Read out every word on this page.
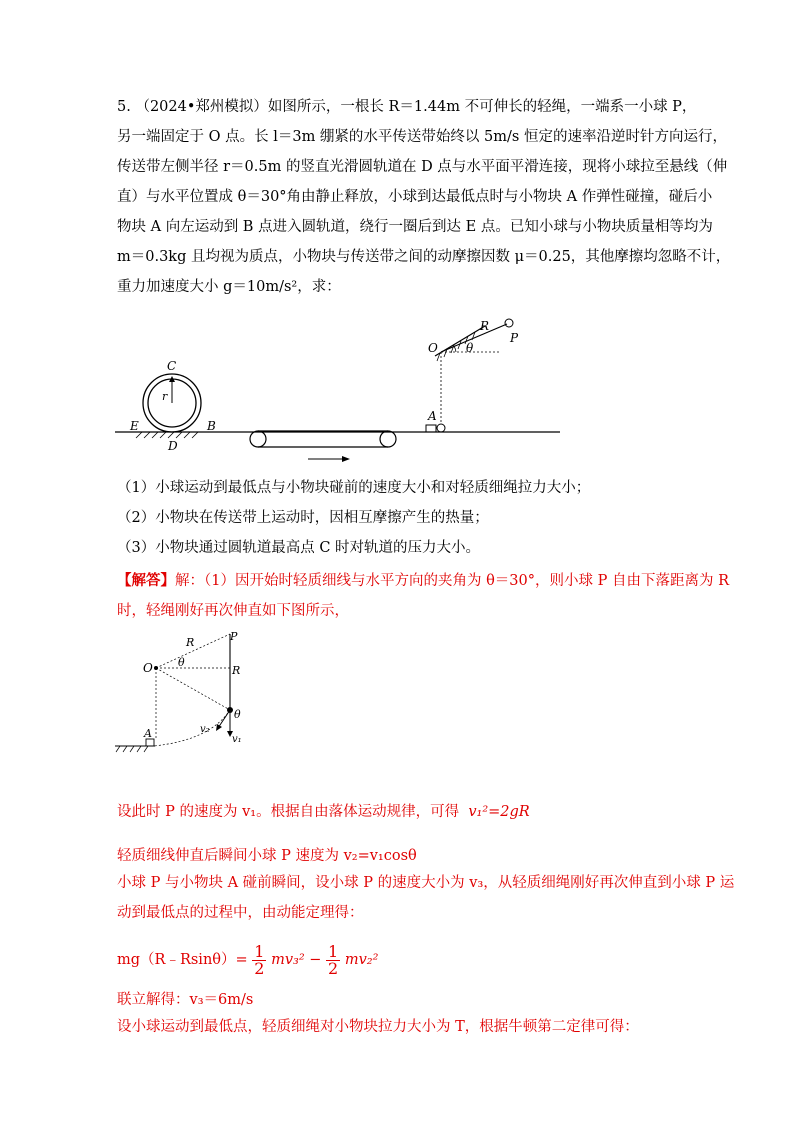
5. （2024•郑州模拟）如图所示，一根长 R＝1.44m 不可伸长的轻绳，一端系一小球 P，
另一端固定于 O 点。长 l＝3m 绷紧的水平传送带始终以 5m/s 恒定的速率沿逆时针方向运行，
传送带左侧半径 r＝0.5m 的竖直光滑圆轨道在 D 点与水平面平滑连接，现将小球拉至悬线（伸
直）与水平位置成 θ＝30°角由静止释放，小球到达最低点时与小物块 A 作弹性碰撞，碰后小
物块 A 向左运动到 B 点进入圆轨道，绕行一圈后到达 E 点。已知小球与小物块质量相等均为
m＝0.3kg 且均视为质点，小物块与传送带之间的动摩擦因数 μ＝0.25，其他摩擦均忽略不计，
重力加速度大小 g＝10m/s²，求：
C
r
E
D
B
A
O
R
P
θ
（1）小球运动到最低点与小物块碰前的速度大小和对轻质细绳拉力大小；
（2）小物块在传送带上运动时，因相互摩擦产生的热量；
（3）小物块通过圆轨道最高点 C 时对轨道的压力大小。
【解答】解：（1）因开始时轻质细线与水平方向的夹角为 θ＝30°，则小球 P 自由下落距离为 R
时，轻绳刚好再次伸直如下图所示，
A
O
P
R
θ
R
θ
v₂
v₁
设此时 P 的速度为 v₁。根据自由落体运动规律，可得 v₁²=2gR
轻质细线伸直后瞬间小球 P 速度为 v₂=v₁cosθ
小球 P 与小物块 A 碰前瞬间，设小球 P 的速度大小为 v₃，从轻质细绳刚好再次伸直到小球 P 运
动到最低点的过程中，由动能定理得：
mg（R﹣Rsinθ）= $\frac{1}{2} mv_3^2 - \frac{1}{2} mv_2^2$
联立解得：v₃＝6m/s
设小球运动到最低点，轻质细绳对小物块拉力大小为 T，根据牛顿第二定律可得：
